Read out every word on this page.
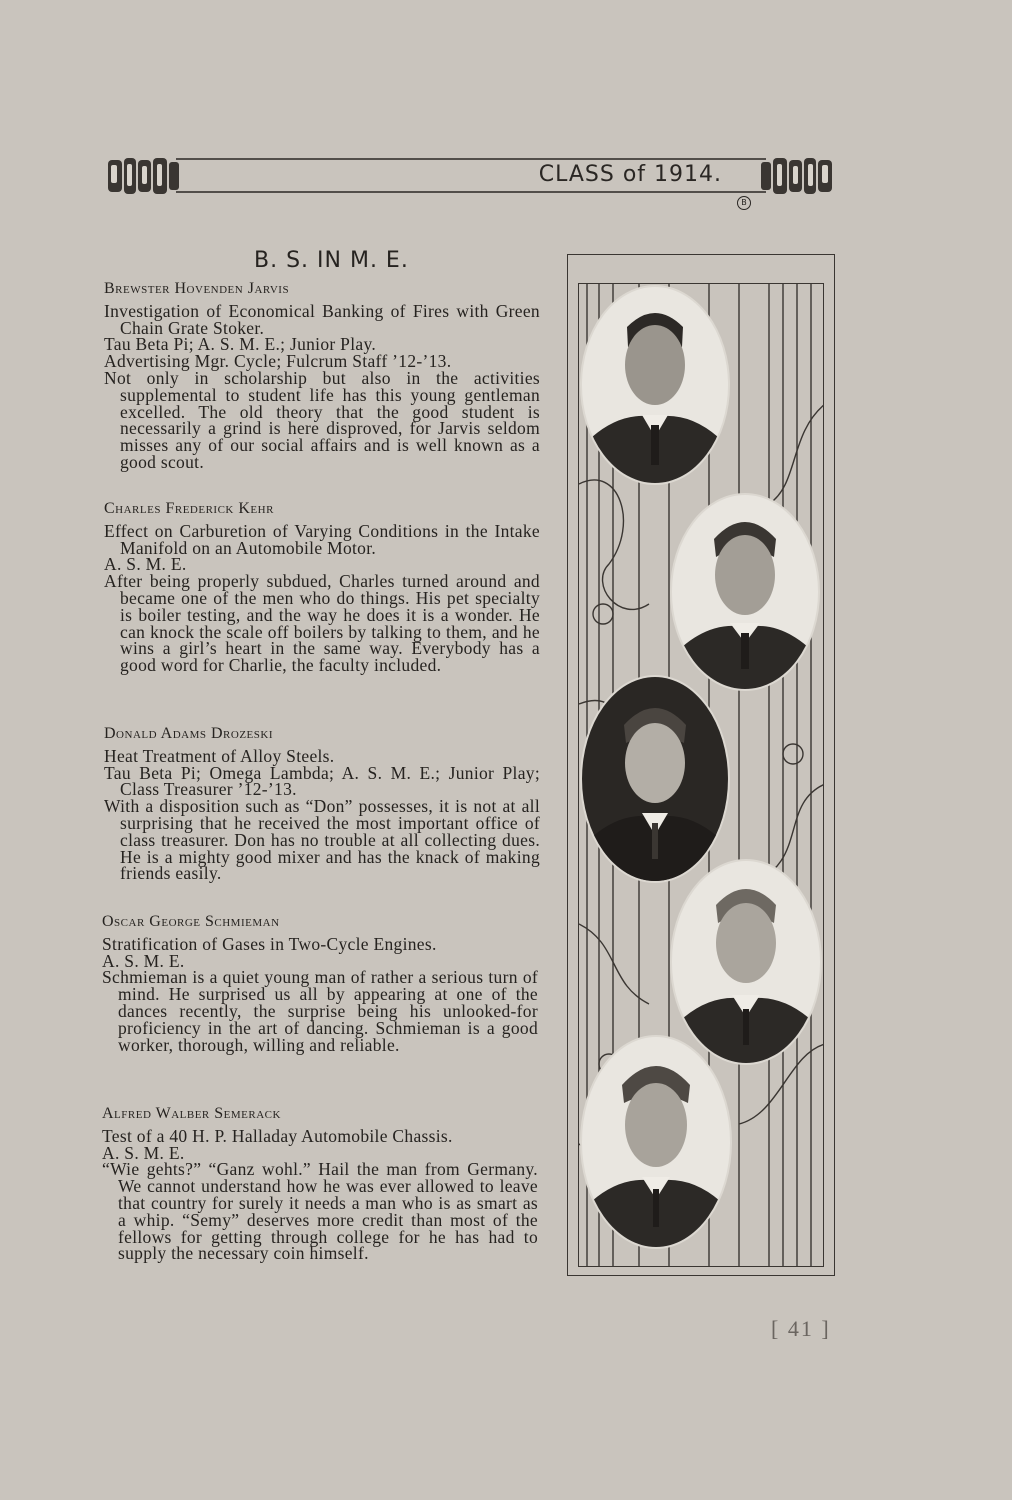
CLASS of 1914.
B
B. S. IN M. E.
Brewster Hovenden Jarvis
Investigation of Economical Banking of Fires with Green Chain Grate Stoker.
Tau Beta Pi; A. S. M. E.; Junior Play.
Advertising Mgr. Cycle; Fulcrum Staff ’12-’13.
Not only in scholarship but also in the activities supplemental to student life has this young gentleman excelled. The old theory that the good student is necessarily a grind is here disproved, for Jarvis seldom misses any of our social affairs and is well known as a good scout.
Charles Frederick Kehr
Effect on Carburetion of Varying Conditions in the Intake Manifold on an Automobile Motor.
A. S. M. E.
After being properly subdued, Charles turned around and became one of the men who do things. His pet specialty is boiler testing, and the way he does it is a wonder. He can knock the scale off boilers by talking to them, and he wins a girl’s heart in the same way. Everybody has a good word for Charlie, the faculty included.
Donald Adams Drozeski
Heat Treatment of Alloy Steels.
Tau Beta Pi; Omega Lambda; A. S. M. E.; Junior Play; Class Treasurer ’12-’13.
With a disposition such as “Don” possesses, it is not at all surprising that he received the most important office of class treasurer. Don has no trouble at all collecting dues. He is a mighty good mixer and has the knack of making friends easily.
Oscar George Schmieman
Stratification of Gases in Two-Cycle Engines.
A. S. M. E.
Schmieman is a quiet young man of rather a serious turn of mind. He surprised us all by appearing at one of the dances recently, the surprise being his unlooked-for proficiency in the art of dancing. Schmieman is a good worker, thorough, willing and reliable.
Alfred Walber Semerack
Test of a 40 H. P. Halladay Automobile Chassis.
A. S. M. E.
“Wie gehts?” “Ganz wohl.” Hail the man from Germany. We cannot understand how he was ever allowed to leave that country for surely it needs a man who is as smart as a whip. “Semy” deserves more credit than most of the fellows for getting through college for he has had to supply the necessary coin himself.
[ 41 ]
